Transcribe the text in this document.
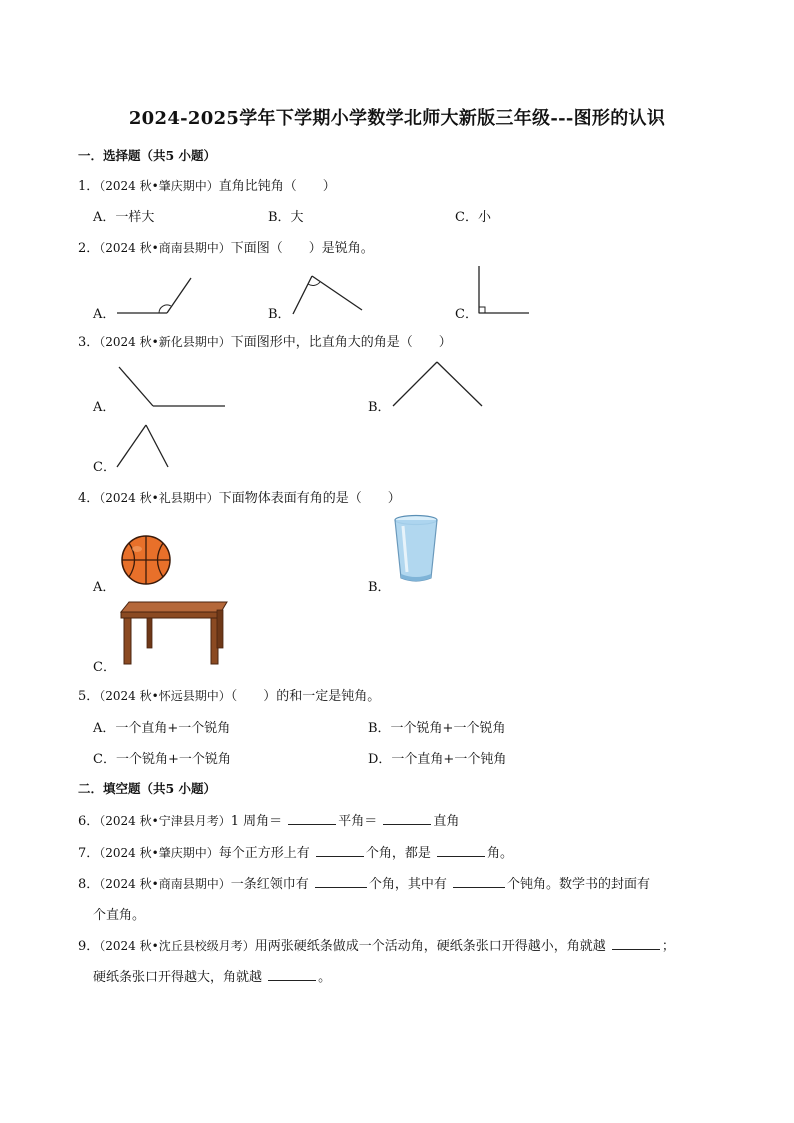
2024-2025学年下学期小学数学北师大新版三年级---图形的认识
一．选择题（共5 小题）
1．（2024 秋•肇庆期中）直角比钝角（　　）
A．一样大	B．大	C．小
2．（2024 秋•商南县期中）下面图（　　）是锐角。
A．	B．	C．
3．（2024 秋•新化县期中）下面图形中，比直角大的角是（　　）
A．	B．
C．
4．（2024 秋•礼县期中）下面物体表面有角的是（　　）
A．	B．
C．
5．（2024 秋•怀远县期中）（　　）的和一定是钝角。
A．一个直角+一个锐角	B．一个锐角+一个锐角
C．一个锐角+一个锐角	D．一个直角+一个钝角
二．填空题（共5 小题）
6．（2024 秋•宁津县月考）1 周角＝	平角＝	直角
7．（2024 秋•肇庆期中）每个正方形上有	个角，都是	角。
8．（2024 秋•商南县期中）一条红领巾有	个角，其中有	个钝角。数学书的封面有
个直角。
9．（2024 秋•沈丘县校级月考）用两张硬纸条做成一个活动角，硬纸条张口开得越小，角就越	；
硬纸条张口开得越大，角就越	。
